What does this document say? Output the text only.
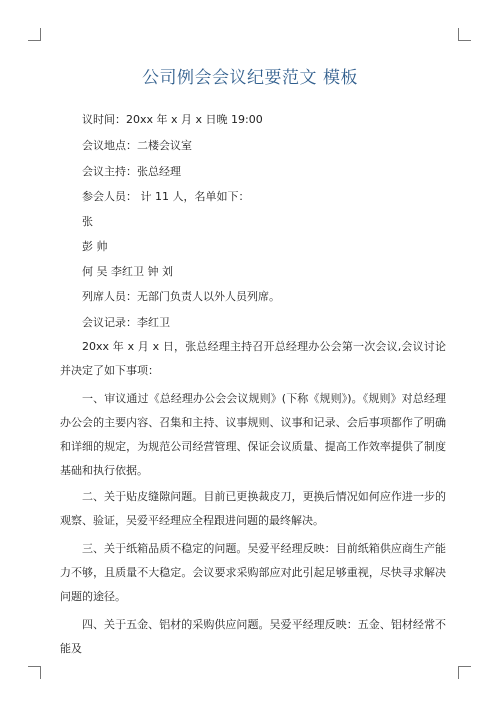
公司例会会议纪要范文 模板
议时间：20xx 年 x 月 x 日晚 19:00
会议地点：二楼会议室
会议主持：张总经理
参会人员： 计 11 人，名单如下：
张
彭 帅
何 吴 李红卫 钟 刘
列席人员：无部门负责人以外人员列席。
会议记录：李红卫
20xx 年 x 月 x 日，张总经理主持召开总经理办公会第一次会议,会议讨论并决定了如下事项：
一、审议通过《总经理办公会会议规则》(下称《规则》)。《规则》对总经理办公会的主要内容、召集和主持、议事规则、议事和记录、会后事项都作了明确和详细的规定，为规范公司经营管理、保证会议质量、提高工作效率提供了制度基础和执行依据。
二、关于贴皮缝隙问题。目前已更换裁皮刀，更换后情况如何应作进一步的观察、验证，吴爱平经理应全程跟进问题的最终解决。
三、关于纸箱品质不稳定的问题。吴爱平经理反映：目前纸箱供应商生产能力不够，且质量不大稳定。会议要求采购部应对此引起足够重视，尽快寻求解决问题的途径。
四、关于五金、铝材的采购供应问题。吴爱平经理反映：五金、铝材经常不能及
